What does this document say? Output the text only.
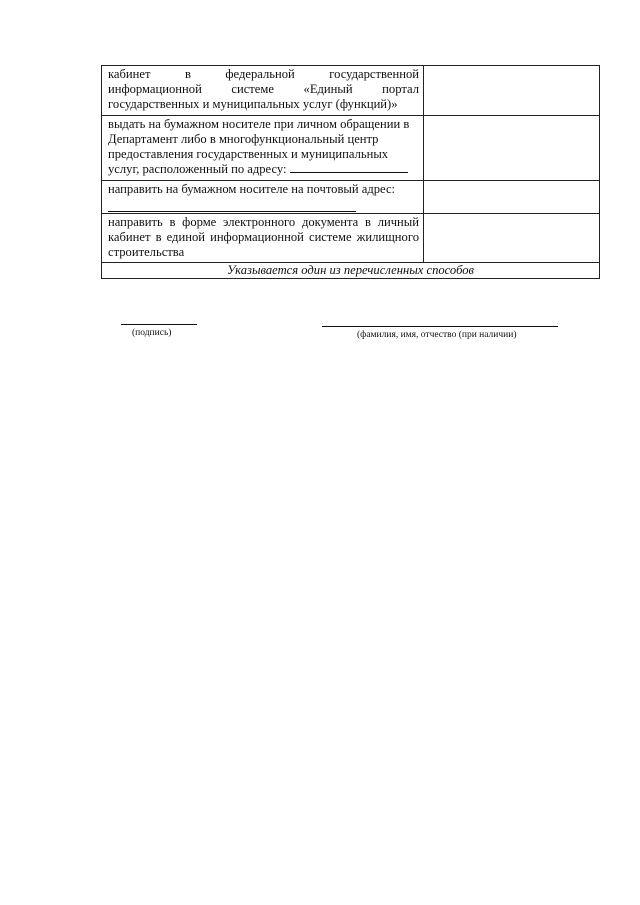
кабинет в федеральной государственной информационной системе «Единый портал государственных и муниципальных услуг (функций)»	
выдать на бумажном носителе при личном обращении в Департамент либо в многофункциональный центр предоставления государственных и муниципальных услуг, расположенный по адресу:	
направить на бумажном носителе на почтовый адрес:

направить в форме электронного документа в личный кабинет в единой информационной системе жилищного строительства	
Указывается один из перечисленных способов	
(подпись)	(фамилия, имя, отчество (при наличии)
